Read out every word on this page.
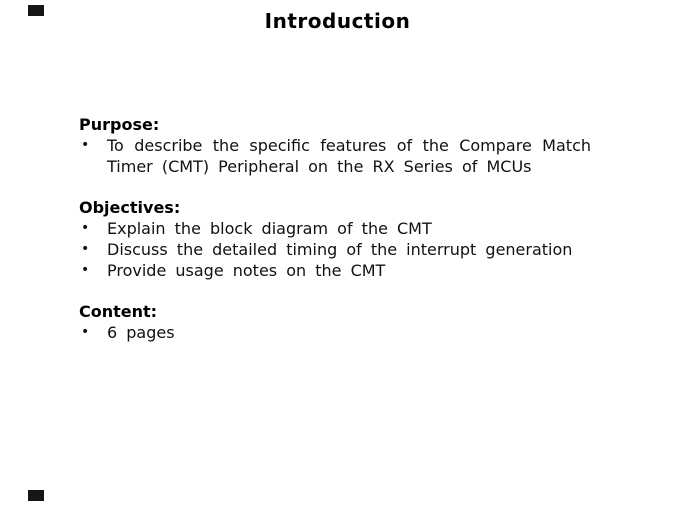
Introduction
Purpose:
•	To describe the specific features of the Compare Match Timer (CMT) Peripheral on the RX Series of MCUs
Objectives:
•	Explain the block diagram of the CMT
•	Discuss the detailed timing of the interrupt generation
•	Provide usage notes on the CMT
Content:
•	6 pages
